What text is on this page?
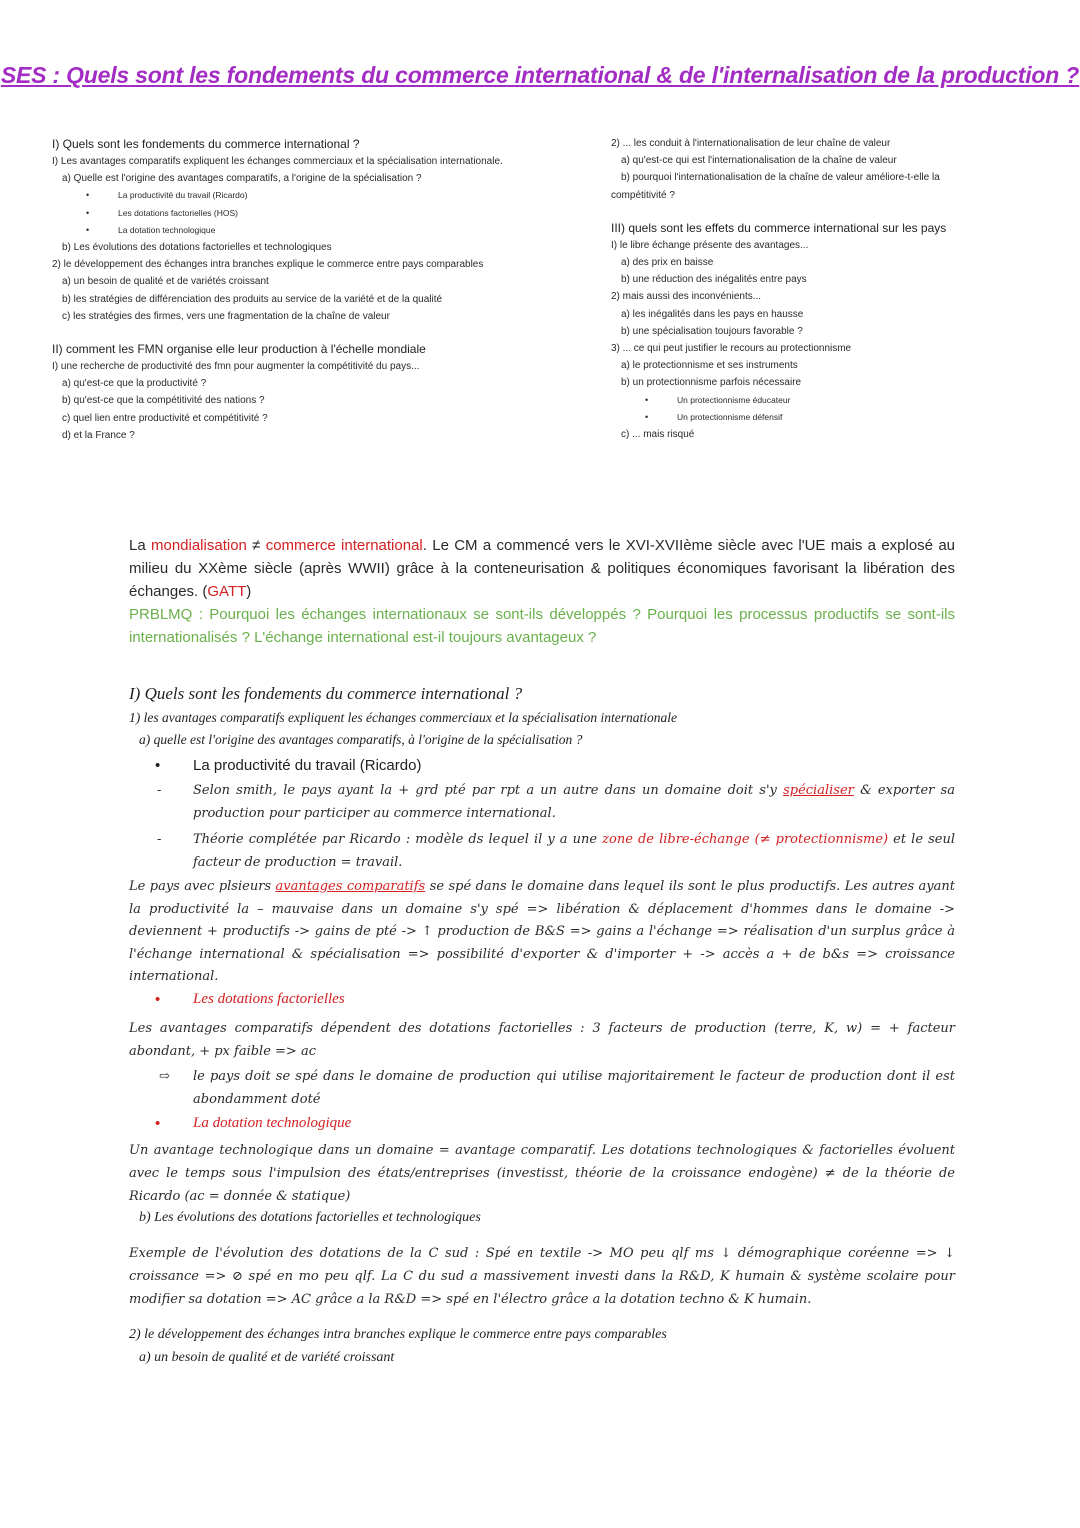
SES : Quels sont les fondements du commerce international & de l'internalisation de la production ?
I) Quels sont les fondements du commerce international ?
I) Les avantages comparatifs expliquent les échanges commerciaux et la spécialisation internationale.
a) Quelle est l'origine des avantages comparatifs, a l'origine de la spécialisation ?
• La productivité du travail (Ricardo)
• Les dotations factorielles (HOS)
• La dotation technologique
b) Les évolutions des dotations factorielles et technologiques
2) le développement des échanges intra branches explique le commerce entre pays comparables
a) un besoin de qualité et de variétés croissant
b) les stratégies de différenciation des produits au service de la variété et de la qualité
c) les stratégies des firmes, vers une fragmentation de la chaîne de valeur
II) comment les FMN organise elle leur production à l'échelle mondiale
I) une recherche de productivité des fmn pour augmenter la compétitivité du pays...
a) qu'est-ce que la productivité ?
b) qu'est-ce que la compétitivité des nations ?
c) quel lien entre productivité et compétitivité ?
d) et la France ?
2) ... les conduit à l'internationalisation de leur chaîne de valeur
a) qu'est-ce qui est l'internationalisation de la chaîne de valeur
b) pourquoi l'internationalisation de la chaîne de valeur améliore-t-elle la
compétitivité ?
III) quels sont les effets du commerce international sur les pays
I) le libre échange présente des avantages...
a) des prix en baisse
b) une réduction des inégalités entre pays
2) mais aussi des inconvénients...
a) les inégalités dans les pays en hausse
b) une spécialisation toujours favorable ?
3) ... ce qui peut justifier le recours au protectionnisme
a) le protectionnisme et ses instruments
b) un protectionnisme parfois nécessaire
• Un protectionnisme éducateur
• Un protectionnisme défensif
c) ... mais risqué
La mondialisation ≠ commerce international. Le CM a commencé vers le XVI-XVIIème siècle avec l'UE mais a explosé au milieu du XXème siècle (après WWII) grâce à la conteneurisation & politiques économiques favorisant la libération des échanges. (GATT)
PRBLMQ : Pourquoi les échanges internationaux se sont-ils développés ? Pourquoi les processus productifs se sont-ils internationalisés ? L'échange international est-il toujours avantageux ?
I) Quels sont les fondements du commerce international ?
1) les avantages comparatifs expliquent les échanges commerciaux et la spécialisation internationale
a) quelle est l'origine des avantages comparatifs, à l'origine de la spécialisation ?
• La productivité du travail (Ricardo)
- Selon smith, le pays ayant la + grd pté par rpt a un autre dans un domaine doit s'y spécialiser & exporter sa production pour participer au commerce international.
- Théorie complétée par Ricardo : modèle ds lequel il y a une zone de libre-échange (≠ protectionnisme) et le seul facteur de production = travail.
Le pays avec plsieurs avantages comparatifs se spé dans le domaine dans lequel ils sont le plus productifs. Les autres ayant la productivité la – mauvaise dans un domaine s'y spé => libération & déplacement d'hommes dans le domaine -> deviennent + productifs -> gains de pté -> ↑ production de B&S => gains a l'échange => réalisation d'un surplus grâce à l'échange international & spécialisation => possibilité d'exporter & d'importer + -> accès a + de b&s => croissance international.
• Les dotations factorielles
Les avantages comparatifs dépendent des dotations factorielles : 3 facteurs de production (terre, K, w) = + facteur abondant, + px faible => ac
⇨ le pays doit se spé dans le domaine de production qui utilise majoritairement le facteur de production dont il est abondamment doté
• La dotation technologique
Un avantage technologique dans un domaine = avantage comparatif. Les dotations technologiques & factorielles évoluent avec le temps sous l'impulsion des états/entreprises (investisst, théorie de la croissance endogène) ≠ de la théorie de Ricardo (ac = donnée & statique)
b) Les évolutions des dotations factorielles et technologiques
Exemple de l'évolution des dotations de la C sud : Spé en textile -> MO peu qlf ms ↓ démographique coréenne => ↓ croissance => ⊘ spé en mo peu qlf. La C du sud a massivement investi dans la R&D, K humain & système scolaire pour modifier sa dotation => AC grâce a la R&D => spé en l'électro grâce a la dotation techno & K humain.
2) le développement des échanges intra branches explique le commerce entre pays comparables
a) un besoin de qualité et de variété croissant
